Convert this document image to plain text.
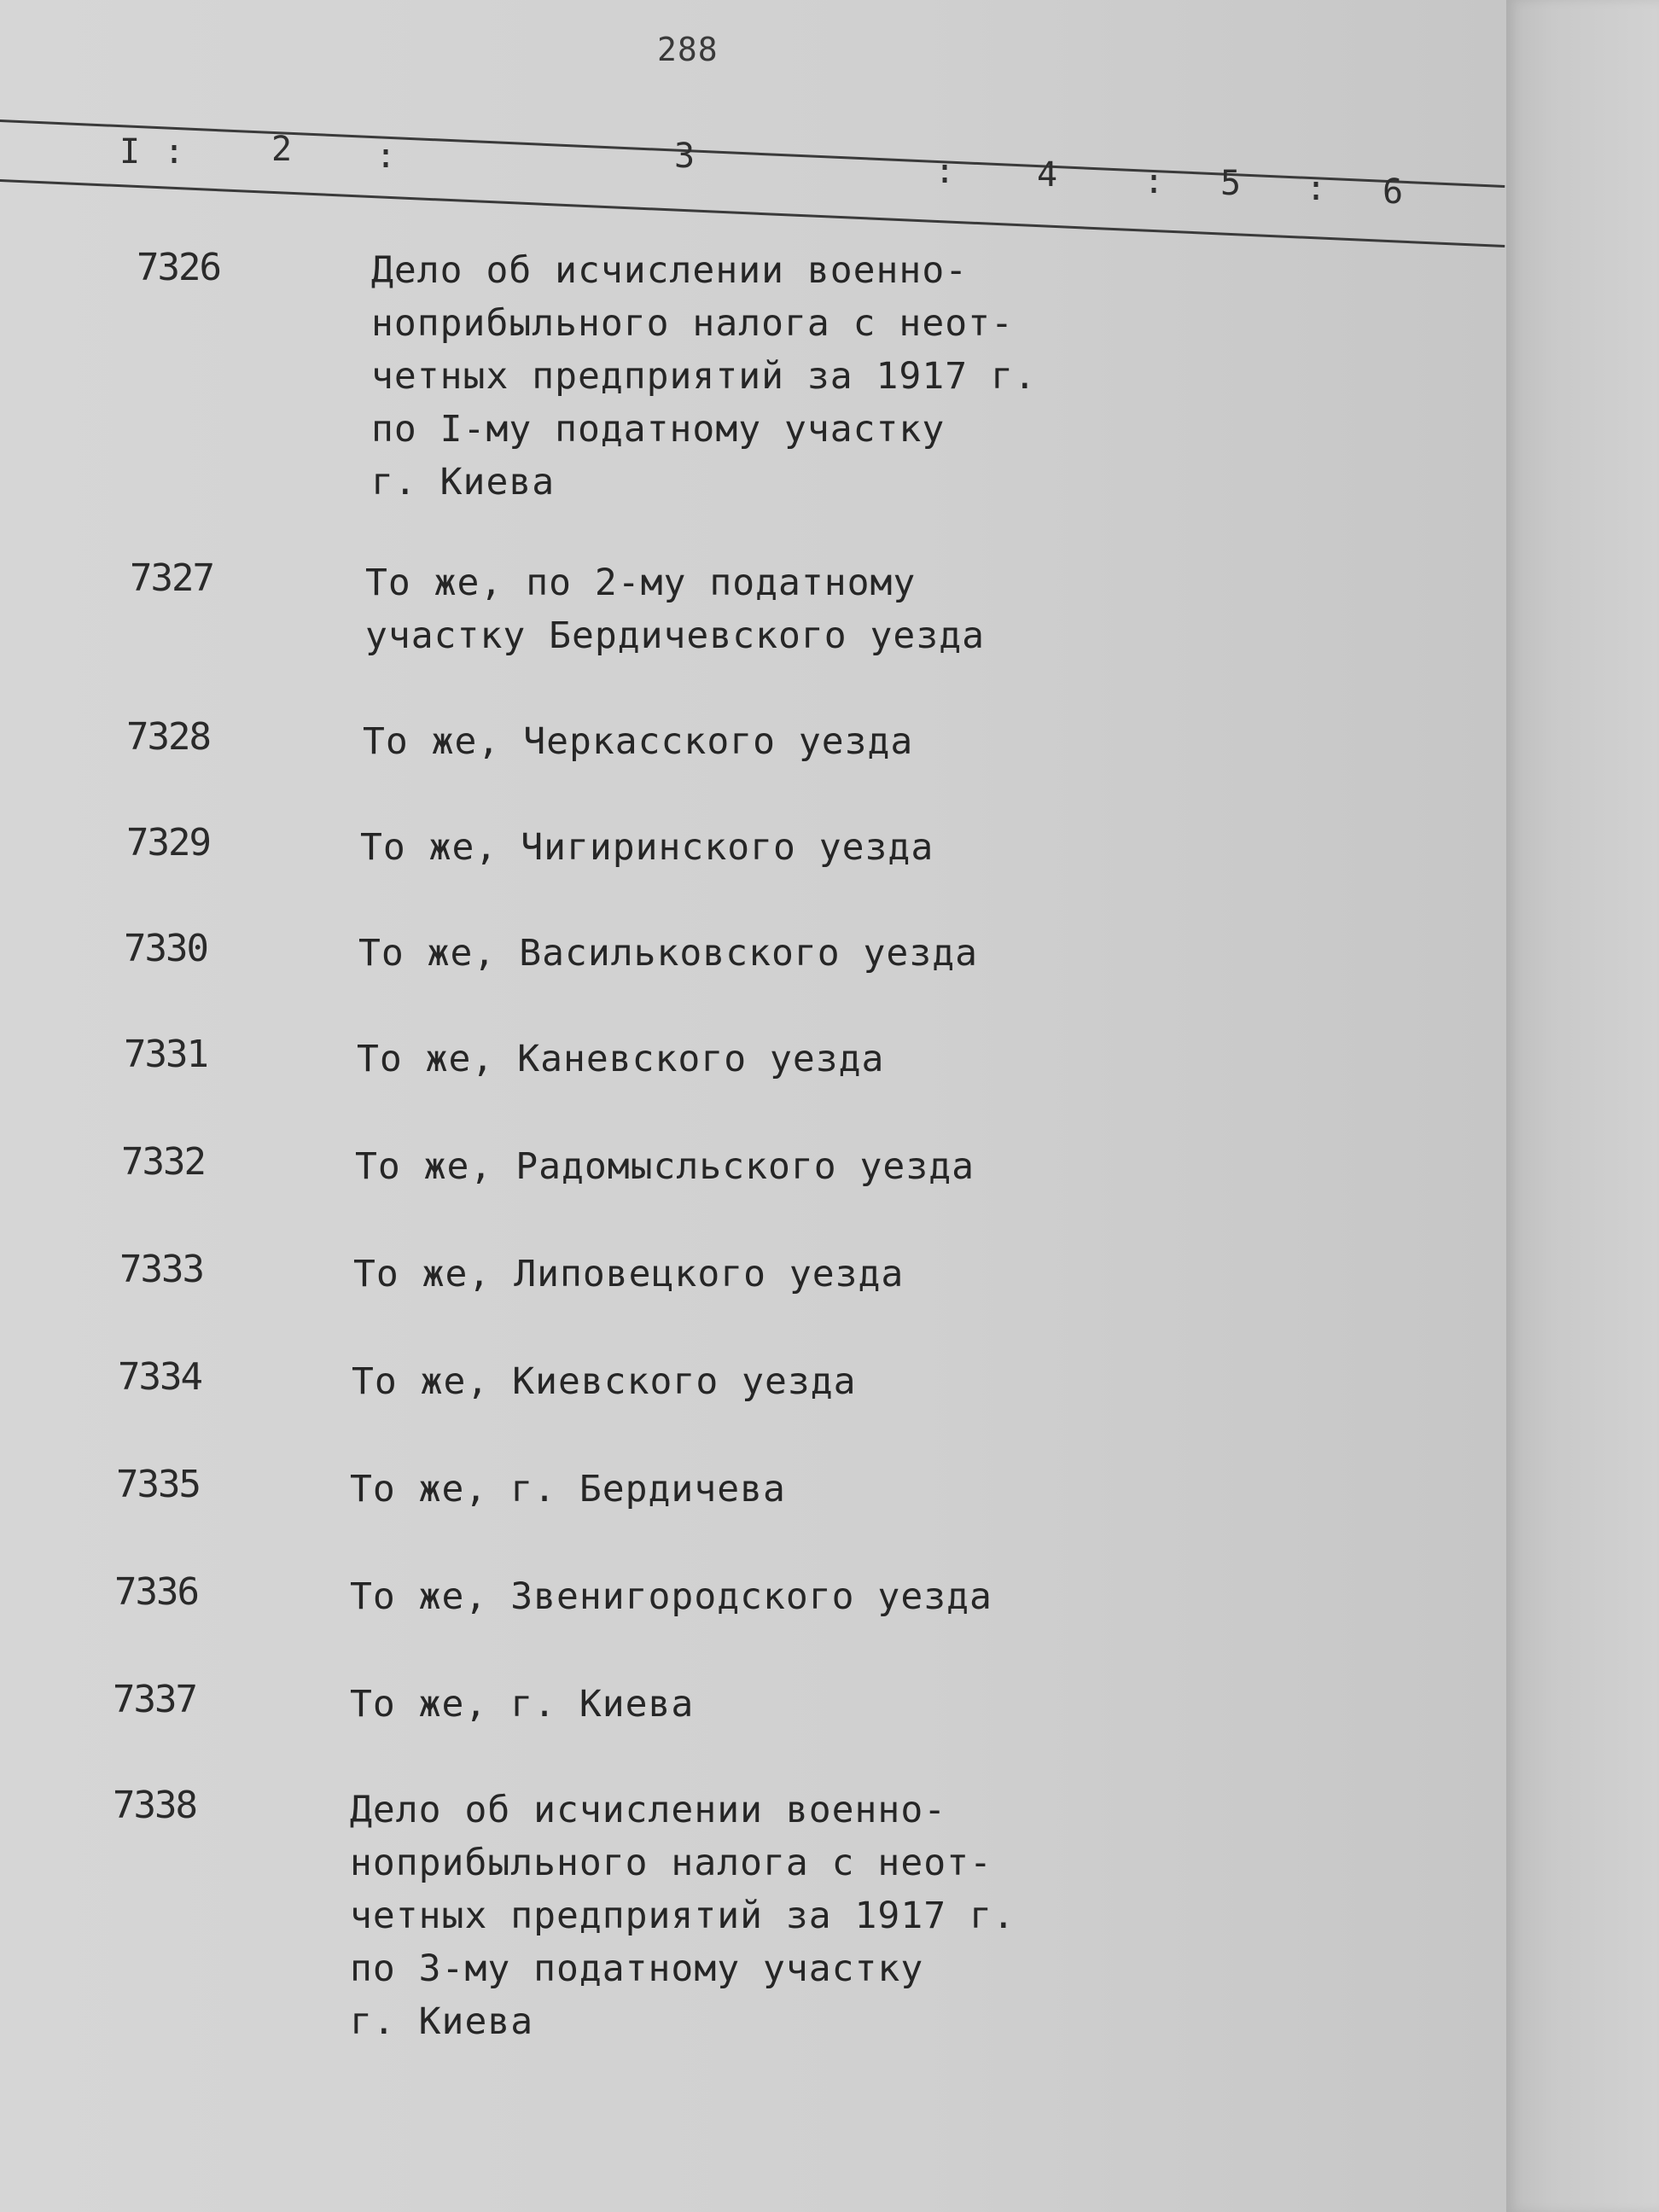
288
I :	2 :	3	: 4	: 5 : 6
7326	Дело об исчислении военно-
ноприбыльного налога с неот-
четных предприятий за 1917 г.
по I-му податному участку
г. Киева
7327	То же, по 2-му податному
участку Бердичевского уезда
7328	То же, Черкасского уезда
7329	То же, Чигиринского уезда
7330	То же, Васильковского уезда
7331	То же, Каневского уезда
7332	То же, Радомысльского уезда
7333	То же, Липовецкого уезда
7334	То же, Киевского уезда
7335	То же, г. Бердичева
7336	То же, Звенигородского уезда
7337	То же, г. Киева
7338	Дело об исчислении военно-
ноприбыльного налога с неот-
четных предприятий за 1917 г.
по 3-му податному участку
г. Киева
